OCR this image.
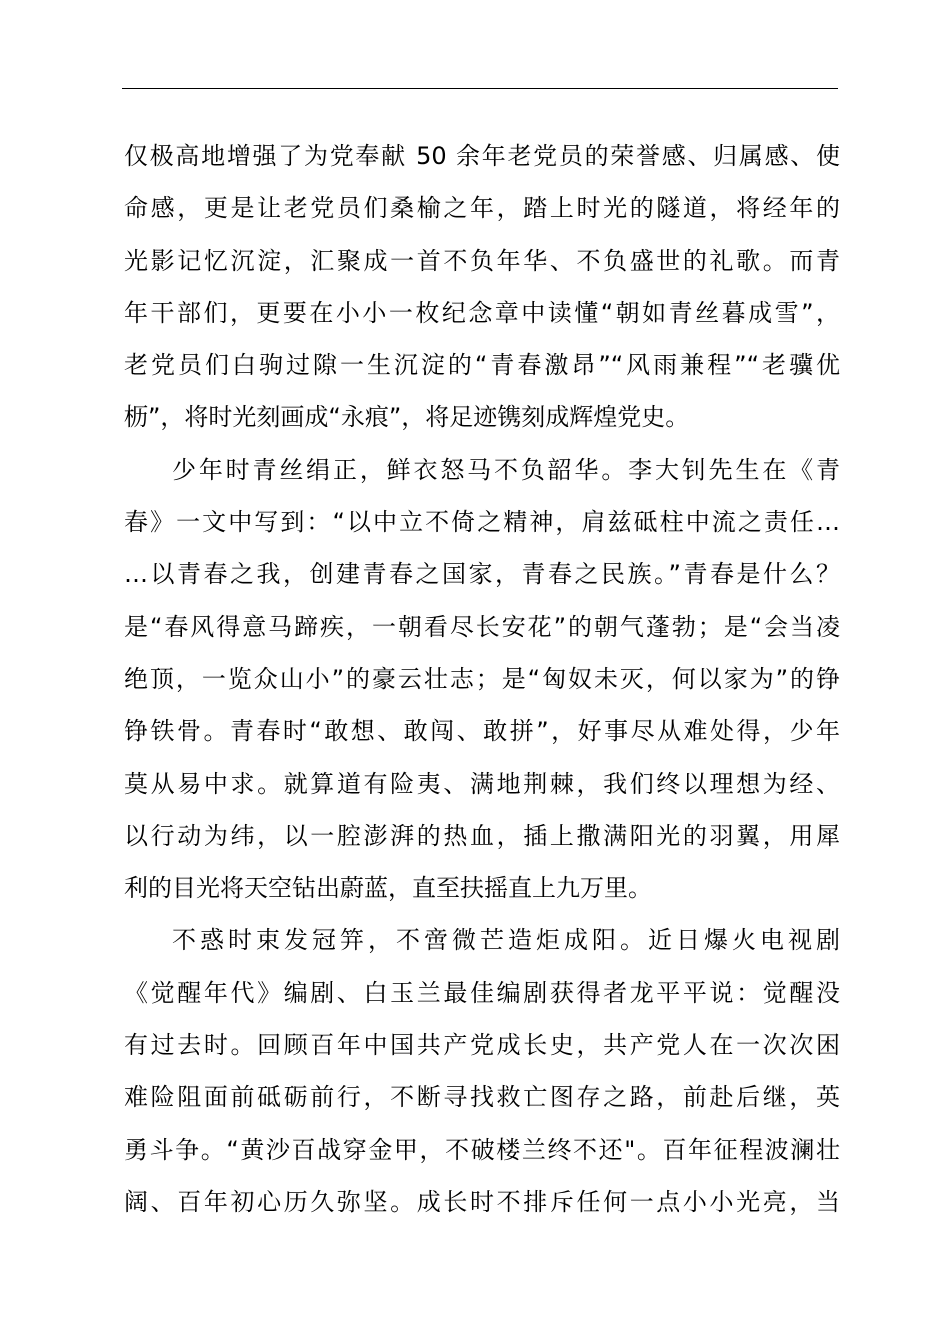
仅极高地增强了为党奉献 50 余年老党员的荣誉感、归属感、使
命感，更是让老党员们桑榆之年，踏上时光的隧道，将经年的
光影记忆沉淀，汇聚成一首不负年华、不负盛世的礼歌。而青
年干部们，更要在小小一枚纪念章中读懂“朝如青丝暮成雪”，
老党员们白驹过隙一生沉淀的“青春激昂”“风雨兼程”“老骥优
枥”，将时光刻画成“永痕”，将足迹镌刻成辉煌党史。
少年时青丝绢正，鲜衣怒马不负韶华。李大钊先生在《青
春》一文中写到：“以中立不倚之精神，肩兹砥柱中流之责任…
…以青春之我，创建青春之国家，青春之民族。”青春是什么？
是“春风得意马蹄疾，一朝看尽长安花”的朝气蓬勃；是“会当凌
绝顶，一览众山小”的豪云壮志；是“匈奴未灭，何以家为”的铮
铮铁骨。青春时“敢想、敢闯、敢拼”，好事尽从难处得，少年
莫从易中求。就算道有险夷、满地荆棘，我们终以理想为经、
以行动为纬，以一腔澎湃的热血，插上撒满阳光的羽翼，用犀
利的目光将天空钻出蔚蓝，直至扶摇直上九万里。
不惑时束发冠笄，不啻微芒造炬成阳。近日爆火电视剧
《觉醒年代》编剧、白玉兰最佳编剧获得者龙平平说：觉醒没
有过去时。回顾百年中国共产党成长史，共产党人在一次次困
难险阻面前砥砺前行，不断寻找救亡图存之路，前赴后继，英
勇斗争。“黄沙百战穿金甲，不破楼兰终不还"。百年征程波澜壮
阔、百年初心历久弥坚。成长时不排斥任何一点小小光亮，当
